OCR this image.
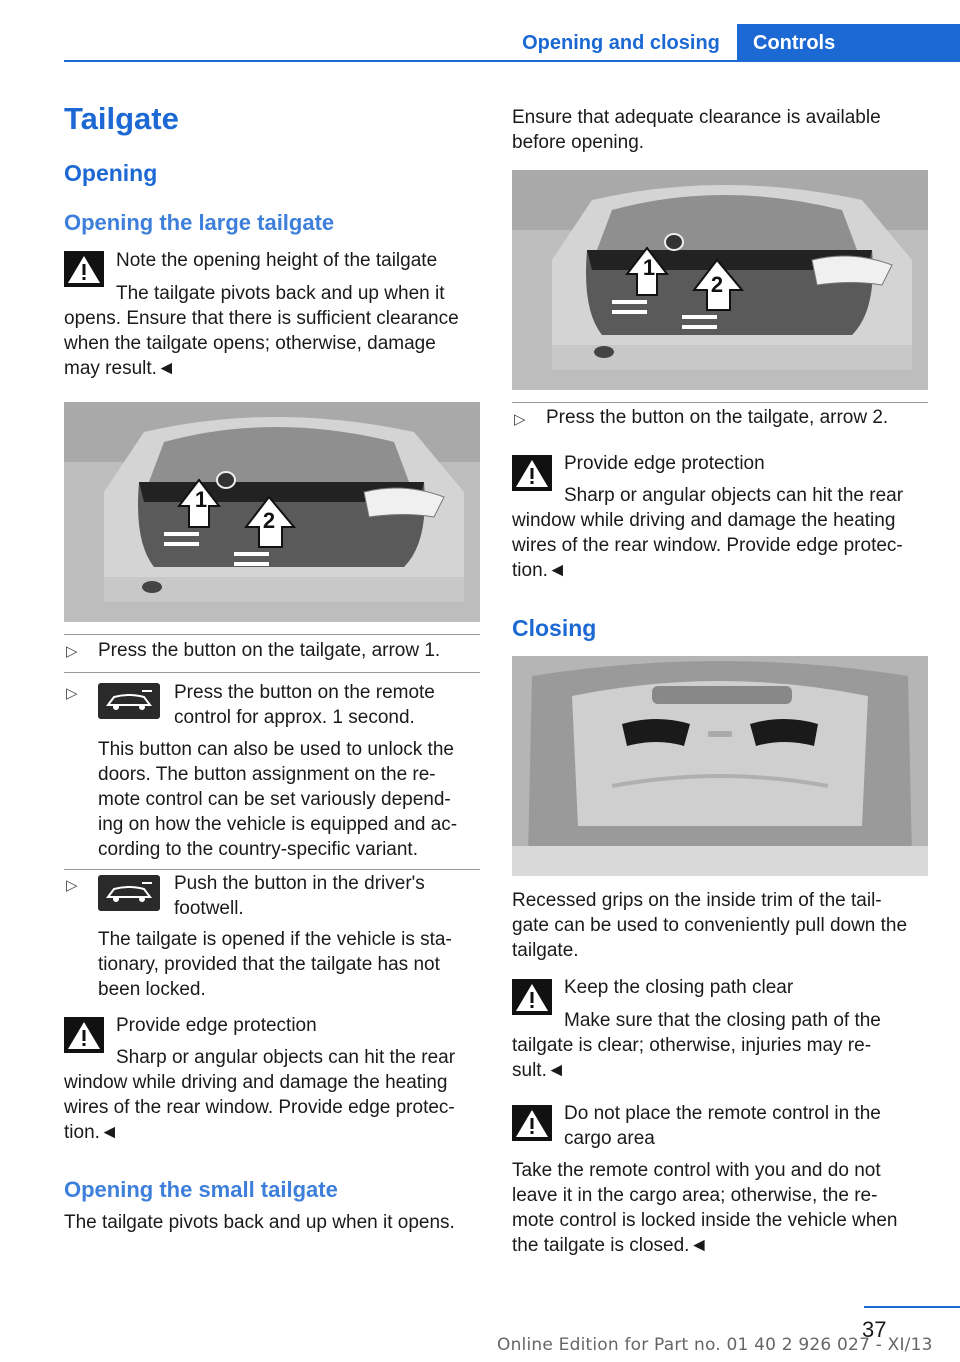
Opening and closing	Controls
Tailgate
Opening
Opening the large tailgate
Note the opening height of the tailgate
The tailgate pivots back and up when it
opens. Ensure that there is sufficient clearance
when the tailgate opens; otherwise, damage
may result.◄
1
2
▷ Press the button on the tailgate, arrow 1.
▷	Press the button on the remote
control for approx. 1 second.
This button can also be used to unlock the
doors. The button assignment on the re-
mote control can be set variously depend-
ing on how the vehicle is equipped and ac-
cording to the country-specific variant.
▷	Push the button in the driver's
footwell.
The tailgate is opened if the vehicle is sta-
tionary, provided that the tailgate has not
been locked.
Provide edge protection
Sharp or angular objects can hit the rear
window while driving and damage the heating
wires of the rear window. Provide edge protec-
tion.◄
Opening the small tailgate
The tailgate pivots back and up when it opens.
Ensure that adequate clearance is available
before opening.
1
2
▷ Press the button on the tailgate, arrow 2.
Provide edge protection
Sharp or angular objects can hit the rear
window while driving and damage the heating
wires of the rear window. Provide edge protec-
tion.◄
Closing
Recessed grips on the inside trim of the tail-
gate can be used to conveniently pull down the
tailgate.
Keep the closing path clear
Make sure that the closing path of the
tailgate is clear; otherwise, injuries may re-
sult.◄
Do not place the remote control in the
cargo area
Take the remote control with you and do not
leave it in the cargo area; otherwise, the re-
mote control is locked inside the vehicle when
the tailgate is closed.◄
37
Online Edition for Part no. 01 40 2 926 027 - XI/13
